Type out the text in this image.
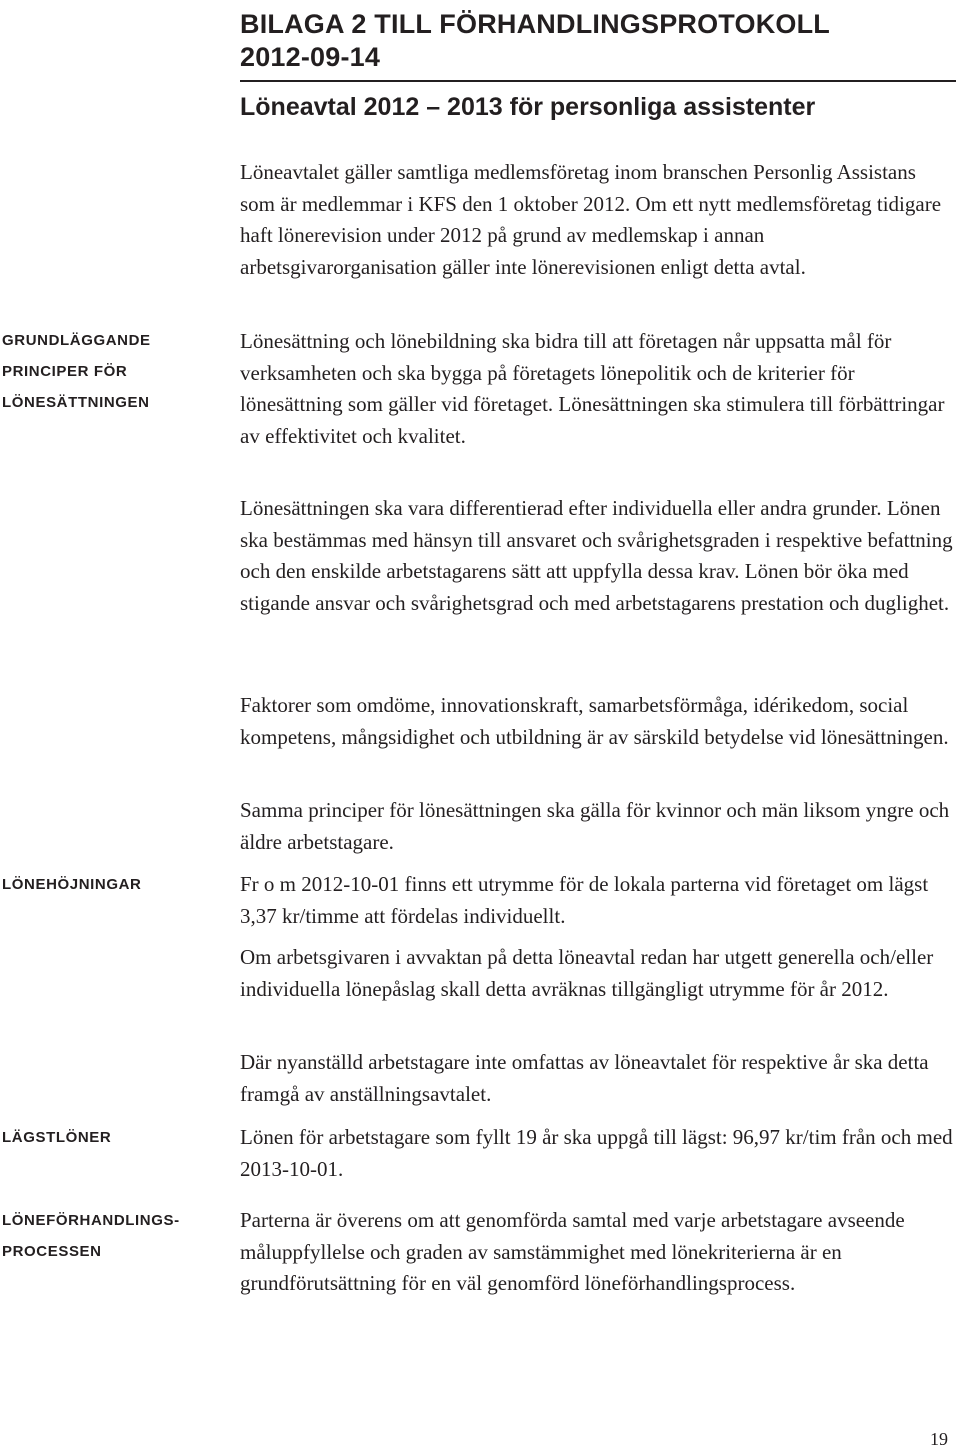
BILAGA 2 TILL FÖRHANDLINGSPROTOKOLL
2012-09-14
Löneavtal 2012 – 2013 för personliga assistenter
GRUNDLÄGGANDE
PRINCIPER FÖR
LÖNESÄTTNINGEN
LÖNEHÖJNINGAR
LÄGSTLÖNER
LÖNEFÖRHANDLINGS-
PROCESSEN

Löneavtalet gäller samtliga medlemsföretag inom branschen Personlig Assistans som är medlemmar i KFS den 1 oktober 2012. Om ett nytt medlemsföretag tidigare haft lönerevision under 2012 på grund av medlemskap i annan arbetsgivarorganisation gäller inte lönerevisionen enligt detta avtal.

Lönesättning och lönebildning ska bidra till att företagen når uppsatta mål för verksamheten och ska bygga på företagets lönepolitik och de kriterier för lönesättning som gäller vid företaget. Lönesättningen ska stimulera till förbättringar av effektivitet och kvalitet.

Lönesättningen ska vara differentierad efter individuella eller andra grunder. Lönen ska bestämmas med hänsyn till ansvaret och svårighetsgraden i respektive befattning och den enskilde arbetstagarens sätt att uppfylla dessa krav. Lönen bör öka med stigande ansvar och svårighetsgrad och med arbetstagarens prestation och duglighet.

Faktorer som omdöme, innovationskraft, samarbetsförmåga, idérikedom, social kompetens, mångsidighet och utbildning är av särskild betydelse vid lönesättningen.

Samma principer för lönesättningen ska gälla för kvinnor och män liksom yngre och äldre arbetstagare.

Fr o m 2012-10-01 finns ett utrymme för de lokala parterna vid företaget om lägst 3,37 kr/timme att fördelas individuellt.

Om arbetsgivaren i avvaktan på detta löneavtal redan har utgett generella och/eller individuella lönepåslag skall detta avräknas tillgängligt utrymme för år 2012.

Där nyanställd arbetstagare inte omfattas av löneavtalet för respektive år ska detta framgå av anställningsavtalet.

Lönen för arbetstagare som fyllt 19 år ska uppgå till lägst: 96,97 kr/tim från och med 2013-10-01.

Parterna är överens om att genomförda samtal med varje arbetstagare avseende måluppfyllelse och graden av samstämmighet med lönekriterierna är en grundförutsättning för en väl genomförd löneförhandlingsprocess.

19
